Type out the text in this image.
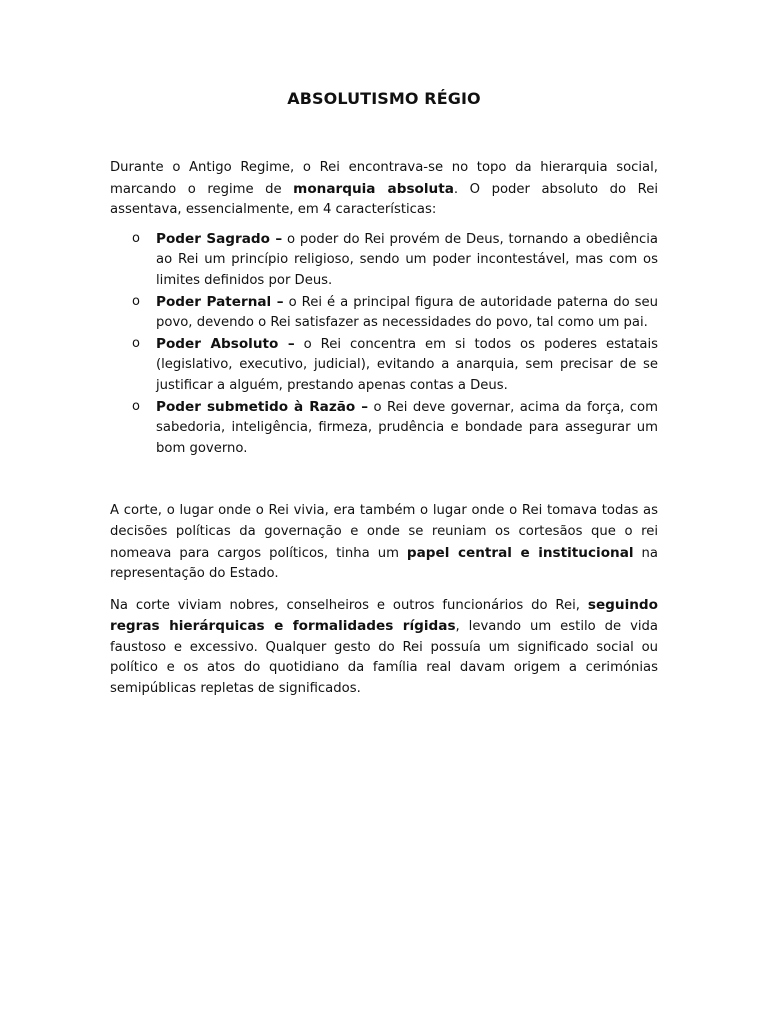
ABSOLUTISMO RÉGIO

Durante o Antigo Regime, o Rei encontrava-se no topo da hierarquia social, marcando o regime de monarquia absoluta. O poder absoluto do Rei assentava, essencialmente, em 4 características:

o Poder Sagrado – o poder do Rei provém de Deus, tornando a obediência ao Rei um princípio religioso, sendo um poder incontestável, mas com os limites definidos por Deus.
o Poder Paternal – o Rei é a principal figura de autoridade paterna do seu povo, devendo o Rei satisfazer as necessidades do povo, tal como um pai.
o Poder Absoluto – o Rei concentra em si todos os poderes estatais (legislativo, executivo, judicial), evitando a anarquia, sem precisar de se justificar a alguém, prestando apenas contas a Deus.
o Poder submetido à Razão – o Rei deve governar, acima da força, com sabedoria, inteligência, firmeza, prudência e bondade para assegurar um bom governo.

A corte, o lugar onde o Rei vivia, era também o lugar onde o Rei tomava todas as decisões políticas da governação e onde se reuniam os cortesãos que o rei nomeava para cargos políticos, tinha um papel central e institucional na representação do Estado.

Na corte viviam nobres, conselheiros e outros funcionários do Rei, seguindo regras hierárquicas e formalidades rígidas, levando um estilo de vida faustoso e excessivo. Qualquer gesto do Rei possuía um significado social ou político e os atos do quotidiano da família real davam origem a cerimónias semipúblicas repletas de significados.
